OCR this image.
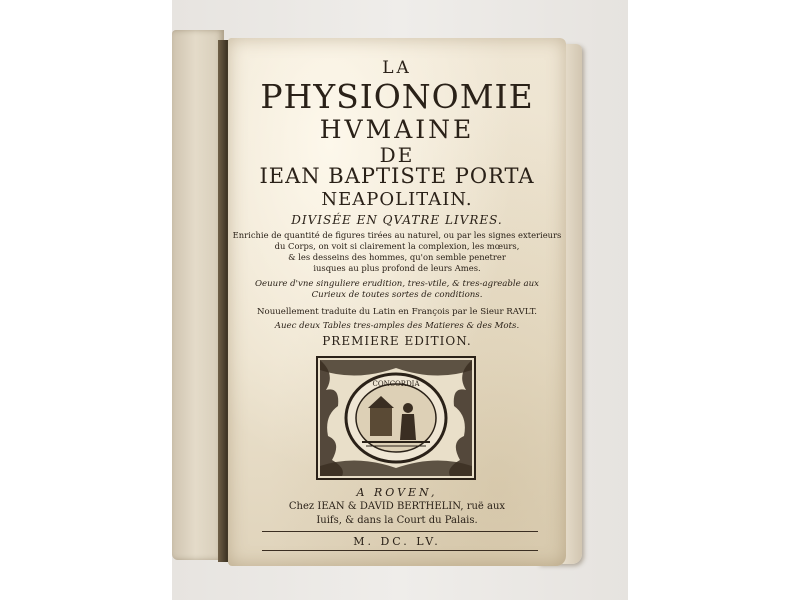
LA
PHYSIONOMIE
HVMAINE
DE
IEAN BAPTISTE PORTA
NEAPOLITAIN.
DIVISÉE EN QVATRE LIVRES.
Enrichie de quantité de figures tirées au naturel, ou par les signes exterieurs
du Corps, on voit si clairement la complexion, les mœurs,
& les desseins des hommes, qu'on semble penetrer
iusques au plus profond de leurs Ames.
Oeuure d'vne singuliere erudition, tres-vtile, & tres-agreable aux
Curieux de toutes sortes de conditions.
Nouuellement traduite du Latin en François par le Sieur RAVLT.
Auec deux Tables tres-amples des Matieres & des Mots.
PREMIERE EDITION.
CONCORDIA
A ROVEN,
Chez IEAN & DAVID BERTHELIN, ruë aux
Iuifs, & dans la Court du Palais.
M. DC. LV.
